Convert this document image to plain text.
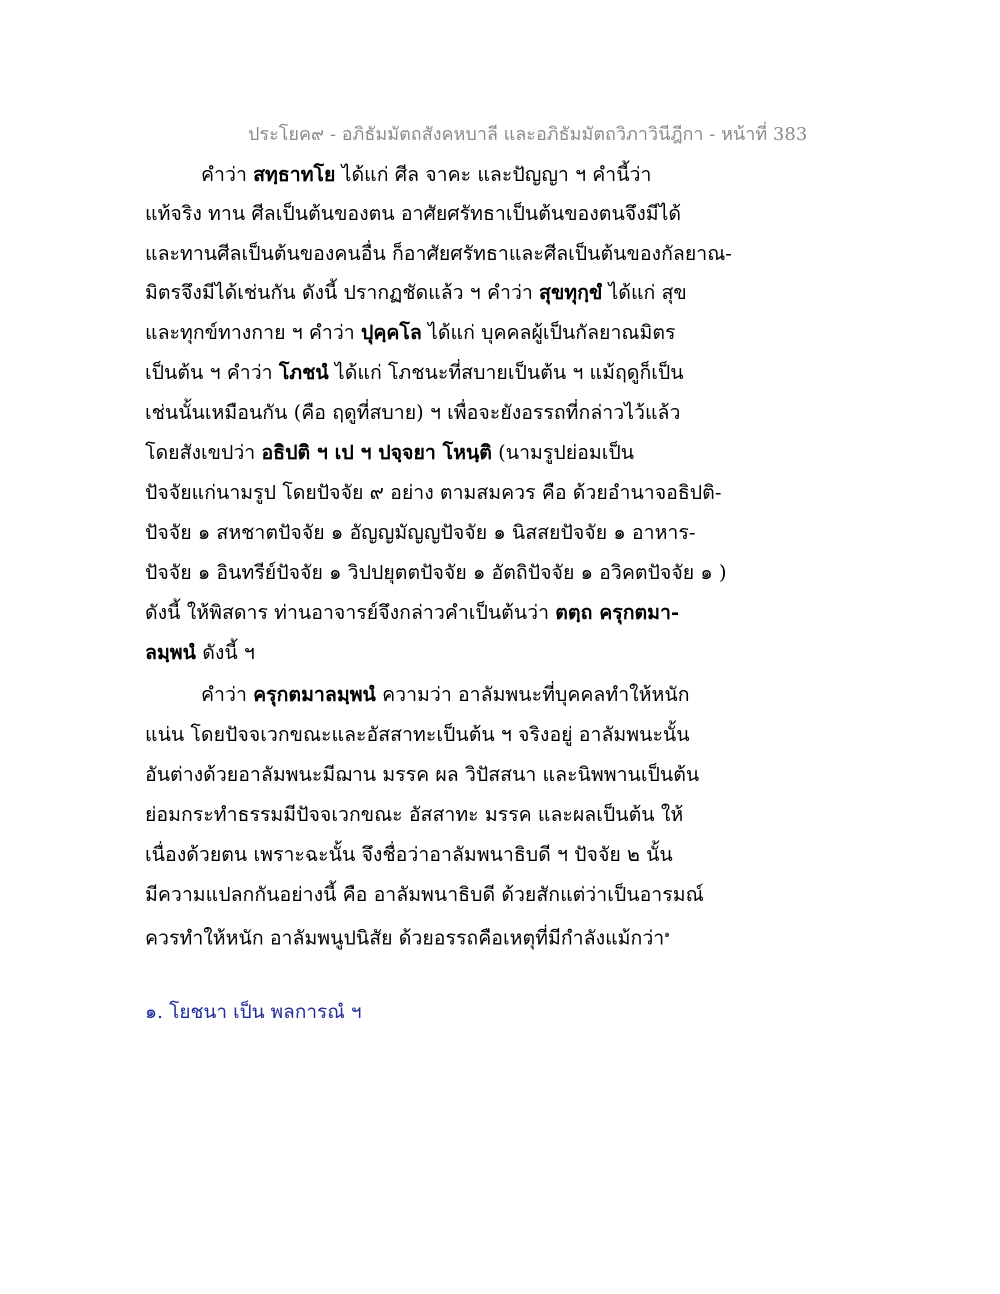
ประโยค๙ - อภิธัมมัตถสังคหบาลี และอภิธัมมัตถวิภาวินีฎีกา - หน้าที่ 383
คำว่า สทฺธาทโย ได้แก่ ศีล จาคะ และปัญญา ฯ คำนี้ว่า
แท้จริง ทาน ศีลเป็นต้นของตน อาศัยศรัทธาเป็นต้นของตนจึงมีได้
และทานศีลเป็นต้นของคนอื่น ก็อาศัยศรัทธาและศีลเป็นต้นของกัลยาณ-
มิตรจึงมีได้เช่นกัน ดังนี้ ปรากฏชัดแล้ว ฯ คำว่า สุขทุกฺขํ ได้แก่ สุข
และทุกข์ทางกาย ฯ คำว่า ปุคฺคโล ได้แก่ บุคคลผู้เป็นกัลยาณมิตร
เป็นต้น ฯ คำว่า โภชนํ ได้แก่ โภชนะที่สบายเป็นต้น ฯ แม้ฤดูก็เป็น
เช่นนั้นเหมือนกัน (คือ ฤดูที่สบาย) ฯ เพื่อจะยังอรรถที่กล่าวไว้แล้ว
โดยสังเขปว่า อธิปติ ฯ เป ฯ ปจฺจยา โหนฺติ (นามรูปย่อมเป็น
ปัจจัยแก่นามรูป โดยปัจจัย ๙ อย่าง ตามสมควร คือ ด้วยอำนาจอธิปติ-
ปัจจัย ๑ สหชาตปัจจัย ๑ อัญญมัญญปัจจัย ๑ นิสสยปัจจัย ๑ อาหาร-
ปัจจัย ๑ อินทรีย์ปัจจัย ๑ วิปปยุตตปัจจัย ๑ อัตถิปัจจัย ๑ อวิคตปัจจัย ๑ )
ดังนี้ ให้พิสดาร ท่านอาจารย์จึงกล่าวคำเป็นต้นว่า ตตฺถ ครุกตมา-
ลมฺพนํ ดังนี้ ฯ
คำว่า ครุกตมาลมฺพนํ ความว่า อาลัมพนะที่บุคคลทำให้หนัก
แน่น โดยปัจจเวกขณะและอัสสาทะเป็นต้น ฯ จริงอยู่ อาลัมพนะนั้น
อันต่างด้วยอาลัมพนะมีฌาน มรรค ผล วิปัสสนา และนิพพานเป็นต้น
ย่อมกระทำธรรมมีปัจจเวกขณะ อัสสาทะ มรรค และผลเป็นต้น ให้
เนื่องด้วยตน เพราะฉะนั้น จึงชื่อว่าอาลัมพนาธิบดี ฯ ปัจจัย ๒ นั้น
มีความแปลกกันอย่างนี้ คือ อาลัมพนาธิบดี ด้วยสักแต่ว่าเป็นอารมณ์
ควรทำให้หนัก อาลัมพนูปนิสัย ด้วยอรรถคือเหตุที่มีกำลังแม้กว่า$^๑$
๑. โยชนา เป็น พลการณํ ฯ
